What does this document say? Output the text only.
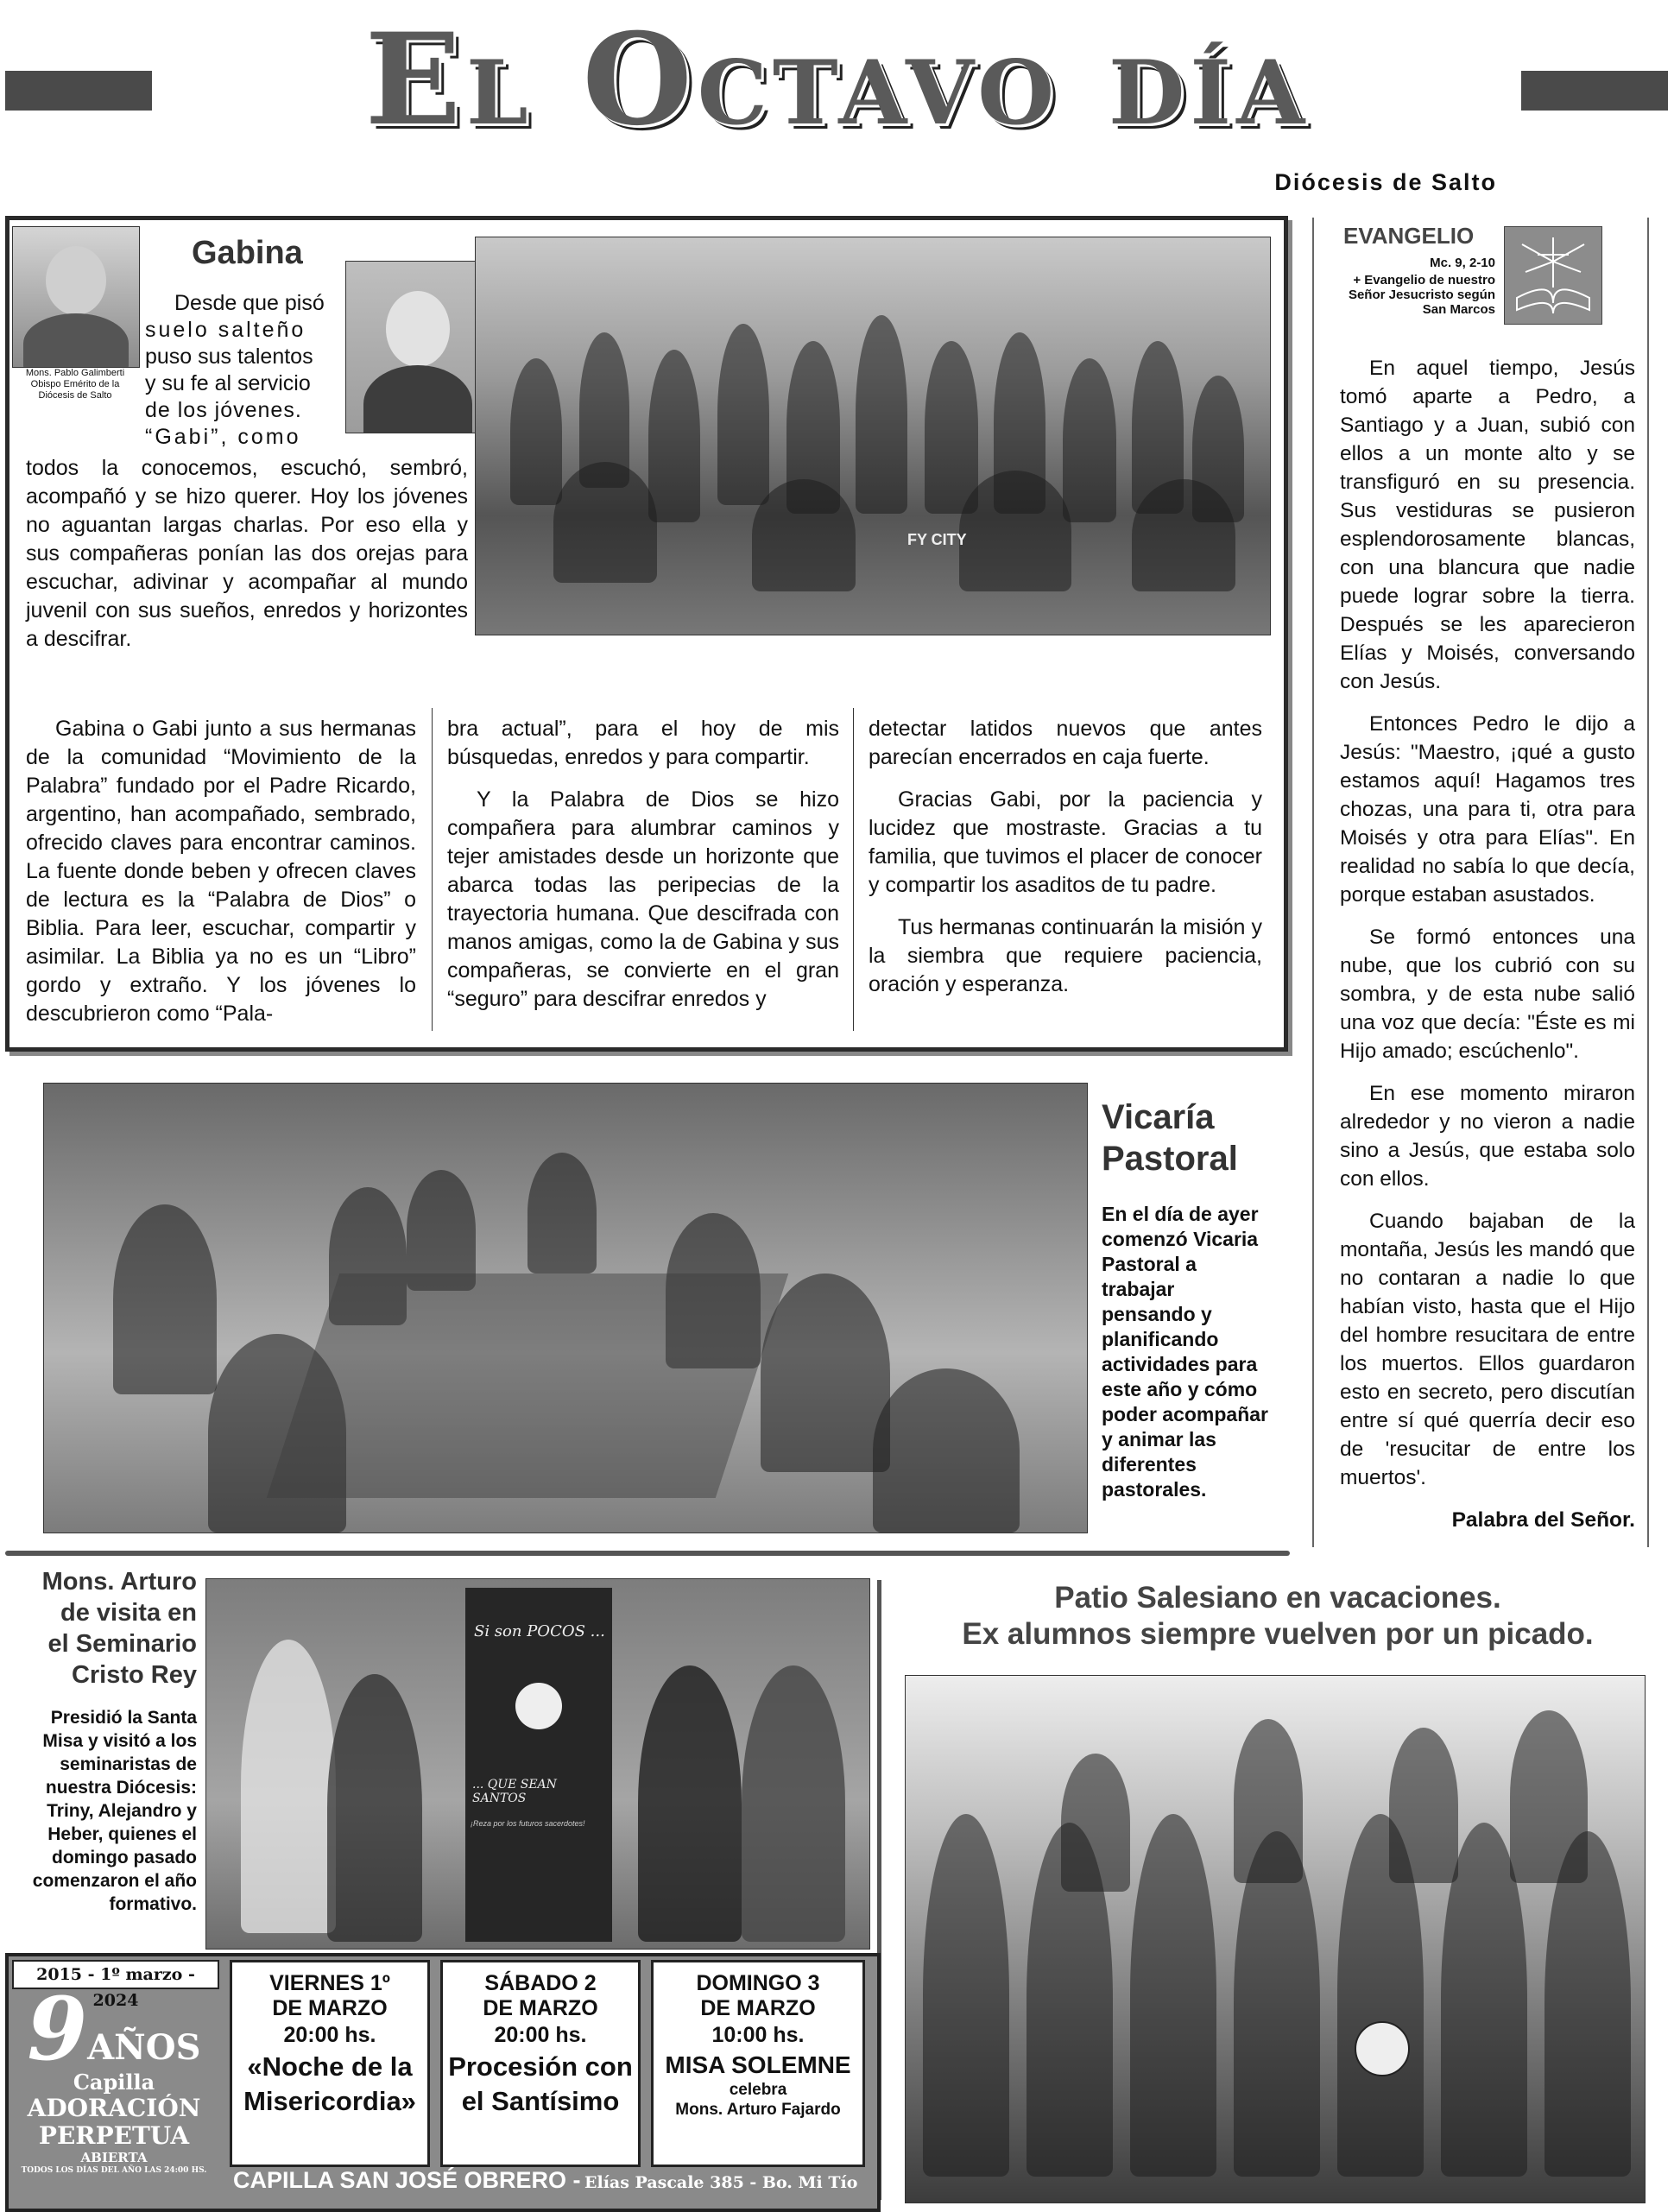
El Octavo día
Diócesis de Salto
Mons. Pablo Galimberti Obispo Emérito de la Diócesis de Salto
Gabina
FY CITY
Desde que pisó
suelo salteño
puso sus talentos
y su fe al servicio
de los jóvenes.
“Gabi”, como
todos la conocemos, escuchó, sembró, acompañó y se hizo querer. Hoy los jóvenes no aguantan largas charlas. Por eso ella y sus compañeras ponían las dos orejas para escuchar, adivinar y acompañar al mundo juvenil con sus sueños, enredos y horizontes a descifrar.

Gabina o Gabi junto a sus hermanas de la comunidad “Movimiento de la Palabra” fundado por el Padre Ricardo, argentino, han acompañado, sembrado, ofrecido claves para encontrar caminos. La fuente donde beben y ofrecen claves de lectura es la “Palabra de Dios” o Biblia. Para leer, escuchar, compartir y asimilar. La Biblia ya no es un “Libro” gordo y extraño. Y los jóvenes lo descubrieron como “Pala-

bra actual”, para el hoy de mis búsquedas, enredos y para compartir.

Y la Palabra de Dios se hizo compañera para alumbrar caminos y tejer amistades desde un horizonte que abarca todas las peripecias de la trayectoria humana. Que descifrada con manos amigas, como la de Gabina y sus compañeras, se convierte en el gran “seguro” para descifrar enredos y

detectar latidos nuevos que antes parecían encerrados en caja fuerte.

Gracias Gabi, por la paciencia y lucidez que mostraste. Gracias a tu familia, que tuvimos el placer de conocer y compartir los asaditos de tu padre.

Tus hermanas continuarán la misión y la siembra que requiere paciencia, oración y esperanza.

EVANGELIO
Mc. 9, 2-10
+ Evangelio de nuestro Señor Jesucristo según San Marcos

En aquel tiempo, Jesús tomó aparte a Pedro, a Santiago y a Juan, subió con ellos a un monte alto y se transfiguró en su presencia. Sus vestiduras se pusieron esplendorosamente blancas, con una blancura que nadie puede lograr sobre la tierra. Después se les aparecieron Elías y Moisés, conversando con Jesús.

Entonces Pedro le dijo a Jesús: "Maestro, ¡qué a gusto estamos aquí! Hagamos tres chozas, una para ti, otra para Moisés y otra para Elías". En realidad no sabía lo que decía, porque estaban asustados.

Se formó entonces una nube, que los cubrió con su sombra, y de esta nube salió una voz que decía: "Éste es mi Hijo amado; escúchenlo".

En ese momento miraron alrededor y no vieron a nadie sino a Jesús, que estaba solo con ellos.

Cuando bajaban de la montaña, Jesús les mandó que no contaran a nadie lo que habían visto, hasta que el Hijo del hombre resucitara de entre los muertos. Ellos guardaron esto en secreto, pero discutían entre sí qué querría decir eso de 'resucitar de entre los muertos'.

Palabra del Señor.

Vicaría
Pastoral
En el día de ayer comenzó Vicaria Pastoral a trabajar pensando y planificando actividades para este año y cómo poder acompañar y animar las diferentes pastorales.
Mons. Arturo
de visita en
el Seminario
Cristo Rey
Presidió la Santa Misa y visitó a los seminaristas de nuestra Diócesis: Triny, Alejandro y Heber, quienes el domingo pasado comenzaron el año formativo.
Si son POCOS ...
... QUE SEAN SANTOS
¡Reza por los futuros sacerdotes!
Patio Salesiano en vacaciones.
Ex alumnos siempre vuelven por un picado.
2015 - 1º marzo - 2024
9AÑOS
Capilla
ADORACIÓN
PERPETUA
ABIERTA
TODOS LOS DÍAS DEL AÑO LAS 24:00 HS.
VIERNES 1º
DE MARZO
20:00 hs.
«Noche de la
Misericordia»
SÁBADO 2
DE MARZO
20:00 hs.
Procesión con
el Santísimo
DOMINGO 3
DE MARZO
10:00 hs.
MISA SOLEMNE
celebra
Mons. Arturo Fajardo
CAPILLA SAN JOSÉ OBRERO - Elías Pascale 385 - Bo. Mi Tío
